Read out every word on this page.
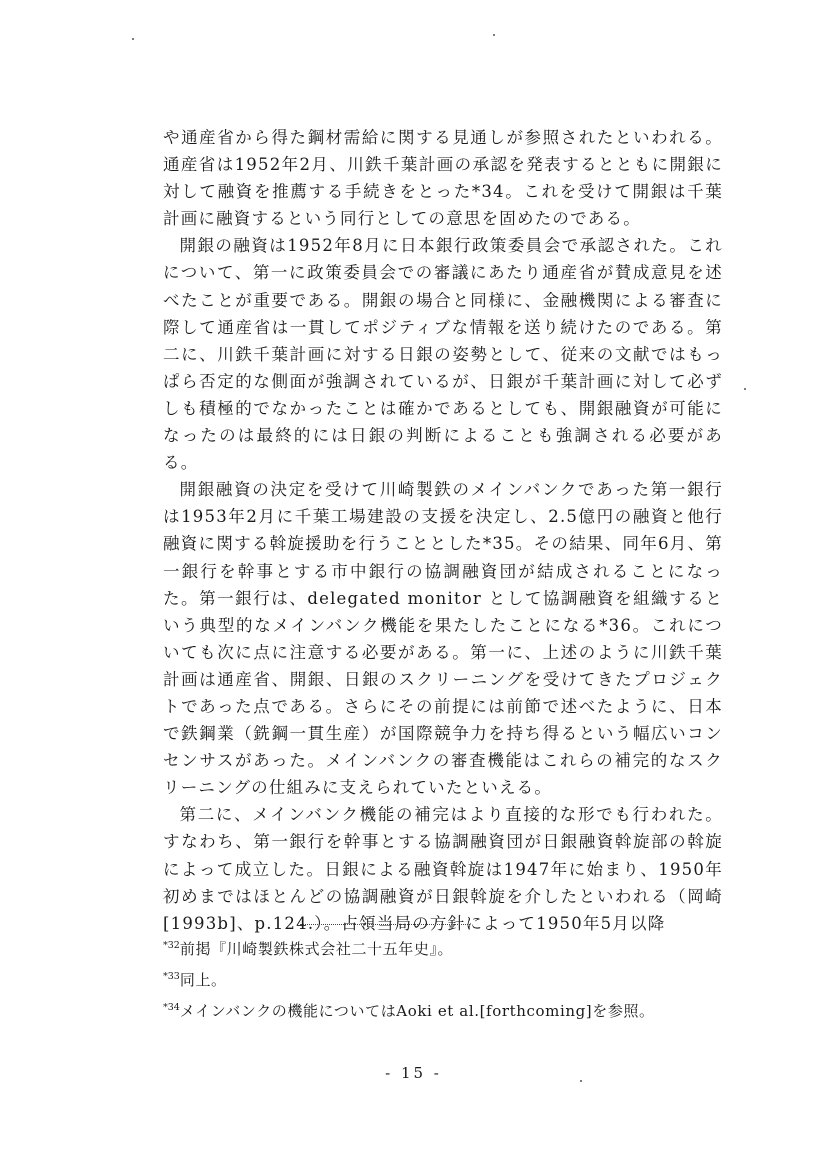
や通産省から得た鋼材需給に関する見通しが参照されたといわれる。通産省は1952年2月、川鉄千葉計画の承認を発表するとともに開銀に対して融資を推薦する手続きをとった*34。これを受けて開銀は千葉計画に融資するという同行としての意思を固めたのである。

開銀の融資は1952年8月に日本銀行政策委員会で承認された。これについて、第一に政策委員会での審議にあたり通産省が賛成意見を述べたことが重要である。開銀の場合と同様に、金融機関による審査に際して通産省は一貫してポジティブな情報を送り続けたのである。第二に、川鉄千葉計画に対する日銀の姿勢として、従来の文献ではもっぱら否定的な側面が強調されているが、日銀が千葉計画に対して必ずしも積極的でなかったことは確かであるとしても、開銀融資が可能になったのは最終的には日銀の判断によることも強調される必要がある。

開銀融資の決定を受けて川崎製鉄のメインバンクであった第一銀行は1953年2月に千葉工場建設の支援を決定し、2.5億円の融資と他行融資に関する斡旋援助を行うこととした*35。その結果、同年6月、第一銀行を幹事とする市中銀行の協調融資団が結成されることになった。第一銀行は、delegated monitor として協調融資を組織するという典型的なメインバンク機能を果たしたことになる*36。これについても次に点に注意する必要がある。第一に、上述のように川鉄千葉計画は通産省、開銀、日銀のスクリーニングを受けてきたプロジェクトであった点である。さらにその前提には前節で述べたように、日本で鉄鋼業（銑鋼一貫生産）が国際競争力を持ち得るという幅広いコンセンサスがあった。メインバンクの審査機能はこれらの補完的なスクリーニングの仕組みに支えられていたといえる。

第二に、メインバンク機能の補完はより直接的な形でも行われた。すなわち、第一銀行を幹事とする協調融資団が日銀融資斡旋部の斡旋によって成立した。日銀による融資斡旋は1947年に始まり、1950年初めまではほとんどの協調融資が日銀斡旋を介したといわれる（岡崎[1993b]、p.124.）。占領当局の方針によって1950年5月以降

$^{*32}$前掲『川崎製鉄株式会社二十五年史』。
$^{*33}$同上。
$^{*34}$メインバンクの機能についてはAoki et al.[forthcoming]を参照。
- 15 -
